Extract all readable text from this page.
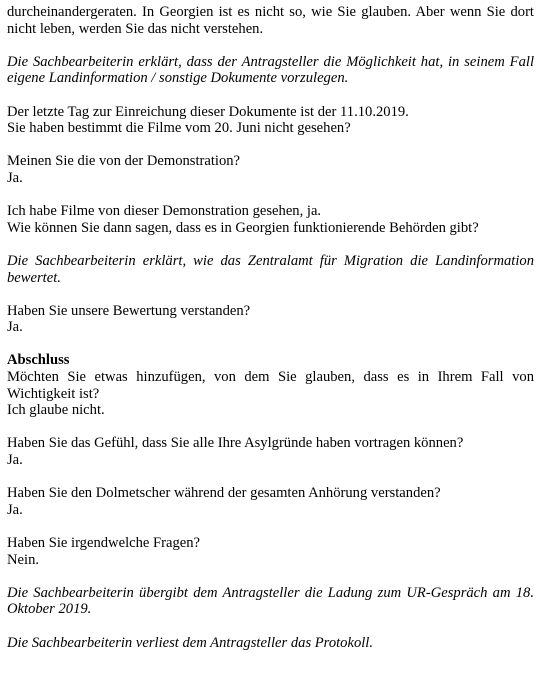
durcheinandergeraten. In Georgien ist es nicht so, wie Sie glauben. Aber wenn Sie dort
nicht leben, werden Sie das nicht verstehen.

Die Sachbearbeiterin erklärt, dass der Antragsteller die Möglichkeit hat, in seinem Fall
eigene Landinformation / sonstige Dokumente vorzulegen.

Der letzte Tag zur Einreichung dieser Dokumente ist der 11.10.2019.
Sie haben bestimmt die Filme vom 20. Juni nicht gesehen?

Meinen Sie die von der Demonstration?
Ja.

Ich habe Filme von dieser Demonstration gesehen, ja.
Wie können Sie dann sagen, dass es in Georgien funktionierende Behörden gibt?

Die Sachbearbeiterin erklärt, wie das Zentralamt für Migration die Landinformation
bewertet.

Haben Sie unsere Bewertung verstanden?
Ja.

Abschluss
Möchten Sie etwas hinzufügen, von dem Sie glauben, dass es in Ihrem Fall von
Wichtigkeit ist?
Ich glaube nicht.

Haben Sie das Gefühl, dass Sie alle Ihre Asylgründe haben vortragen können?
Ja.

Haben Sie den Dolmetscher während der gesamten Anhörung verstanden?
Ja.

Haben Sie irgendwelche Fragen?
Nein.

Die Sachbearbeiterin übergibt dem Antragsteller die Ladung zum UR-Gespräch am 18.
Oktober 2019.

Die Sachbearbeiterin verliest dem Antragsteller das Protokoll.
